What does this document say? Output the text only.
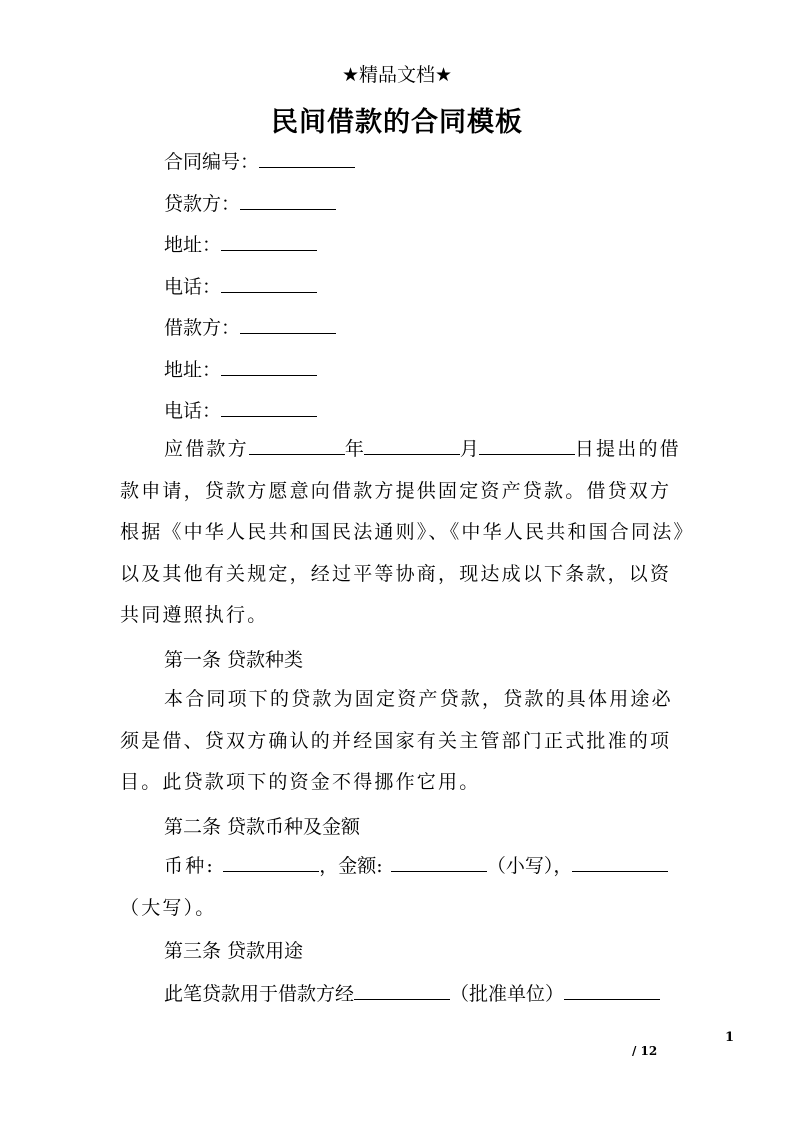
★精品文档★
民间借款的合同模板
合同编号：
贷款方：
地址：
电话：
借款方：
地址：
电话：
应借款方	年	月	日提出的借款申请，贷款方愿意向借款方提供固定资产贷款。借贷双方根据《中华人民共和国民法通则》、《中华人民共和国合同法》以及其他有关规定，经过平等协商，现达成以下条款，以资共同遵照执行。
第一条 贷款种类
本合同项下的贷款为固定资产贷款，贷款的具体用途必须是借、贷双方确认的并经国家有关主管部门正式批准的项目。此贷款项下的资金不得挪作它用。
第二条 贷款币种及金额
币种:	，金额:	（小写），（大写）。
第三条 贷款用途
此笔贷款用于借款方经	（批准单位）
1
/ 12
